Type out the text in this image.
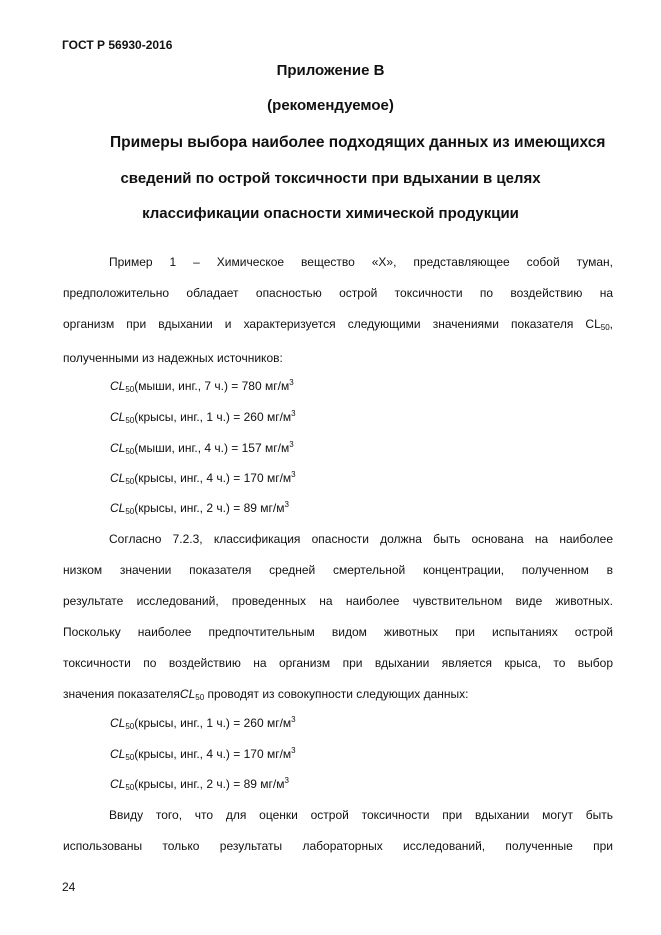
ГОСТ Р 56930-2016
Приложение В
(рекомендуемое)
Примеры выбора наиболее подходящих данных из имеющихся
сведений по острой токсичности при вдыхании в целях
классификации опасности химической продукции
Пример 1 – Химическое вещество «Х», представляющее собой туман,
предположительно обладает опасностью острой токсичности по воздействию на
организм при вдыхании и характеризуется следующими значениями показателя $CL_{50}$,
полученными из надежных источников:
$CL_{50}(мыши$, инг., 7 ч.) = 780 $мг/м^3$
$CL_{50}(крысы$, инг., 1 ч.) = 260 $мг/м^3$
$CL_{50}(мыши$, инг., 4 ч.) = 157 $мг/м^3$
$CL_{50}(крысы$, инг., 4 ч.) = 170 $мг/м^3$
$CL_{50}(крысы$, инг., 2 ч.) = 89 $мг/м^3$
Согласно 7.2.3, классификация опасности должна быть основана на наиболее
низком значении показателя средней смертельной концентрации, полученном в
результате исследований, проведенных на наиболее чувствительном виде животных.
Поскольку наиболее предпочтительным видом животных при испытаниях острой
токсичности по воздействию на организм при вдыхании является крыса, то выбор
значения показателяCL$_{50}$ проводят из совокупности следующих данных:
$CL_{50}(крысы$, инг., 1 ч.) = 260 $мг/м^3$
$CL_{50}(крысы$, инг., 4 ч.) = 170 $мг/м^3$
$CL_{50}(крысы$, инг., 2 ч.) = 89 $мг/м^3$
Ввиду того, что для оценки острой токсичности при вдыхании могут быть
использованы только результаты лабораторных исследований, полученные при
24
